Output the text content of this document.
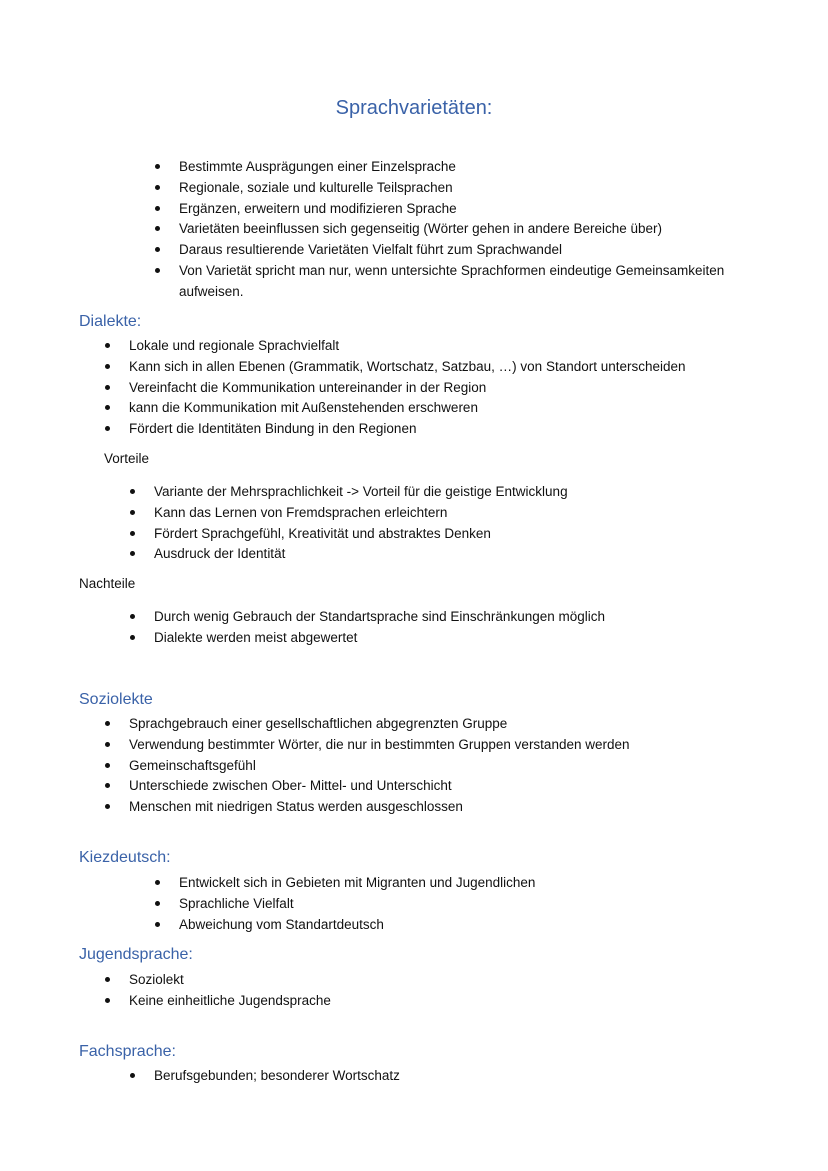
Sprachvarietäten:
Bestimmte Ausprägungen einer Einzelsprache
Regionale, soziale und kulturelle Teilsprachen
Ergänzen, erweitern und modifizieren Sprache
Varietäten beeinflussen sich gegenseitig (Wörter gehen in andere Bereiche über)
Daraus resultierende Varietäten Vielfalt führt zum Sprachwandel
Von Varietät spricht man nur, wenn untersichte Sprachformen eindeutige Gemeinsamkeiten
aufweisen.
Dialekte:
Lokale und regionale Sprachvielfalt
Kann sich in allen Ebenen (Grammatik, Wortschatz, Satzbau, …) von Standort unterscheiden
Vereinfacht die Kommunikation untereinander in der Region
kann die Kommunikation mit Außenstehenden erschweren
Fördert die Identitäten Bindung in den Regionen
Vorteile
Variante der Mehrsprachlichkeit -> Vorteil für die geistige Entwicklung
Kann das Lernen von Fremdsprachen erleichtern
Fördert Sprachgefühl, Kreativität und abstraktes Denken
Ausdruck der Identität
Nachteile
Durch wenig Gebrauch der Standartsprache sind Einschränkungen möglich
Dialekte werden meist abgewertet
Soziolekte
Sprachgebrauch einer gesellschaftlichen abgegrenzten Gruppe
Verwendung bestimmter Wörter, die nur in bestimmten Gruppen verstanden werden
Gemeinschaftsgefühl
Unterschiede zwischen Ober- Mittel- und Unterschicht
Menschen mit niedrigen Status werden ausgeschlossen
Kiezdeutsch:
Entwickelt sich in Gebieten mit Migranten und Jugendlichen
Sprachliche Vielfalt
Abweichung vom Standartdeutsch
Jugendsprache:
Soziolekt
Keine einheitliche Jugendsprache
Fachsprache:
Berufsgebunden; besonderer Wortschatz
